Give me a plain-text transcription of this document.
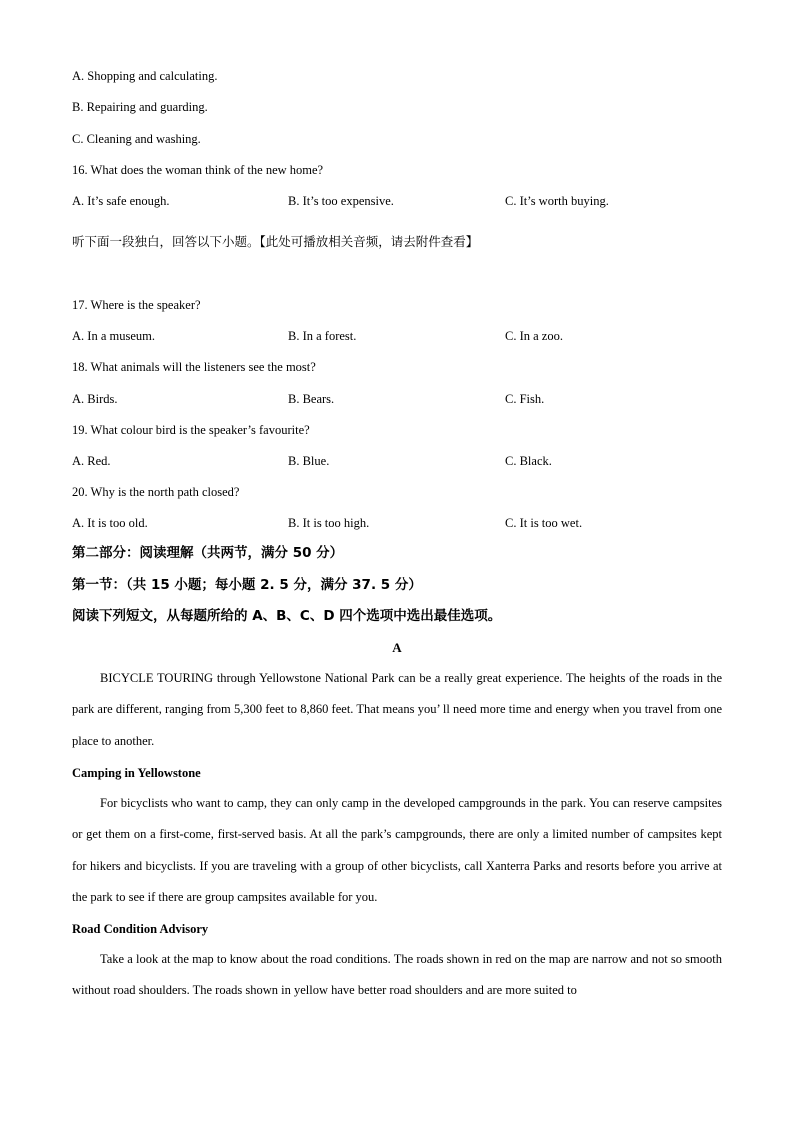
A. Shopping and calculating.
B. Repairing and guarding.
C. Cleaning and washing.
16. What does the woman think of the new home?
A. It’s safe enough.	B. It’s too expensive.	C. It’s worth buying.
听下面一段独白，回答以下小题。【此处可播放相关音频，请去附件查看】
17. Where is the speaker?
A. In a museum.	B. In a forest.	C. In a zoo.
18. What animals will the listeners see the most?
A. Birds.	B. Bears.	C. Fish.
19. What colour bird is the speaker’s favourite?
A. Red.	B. Blue.	C. Black.
20. Why is the north path closed?
A. It is too old.	B. It is too high.	C. It is too wet.
第二部分：阅读理解（共两节，满分 50 分）
第一节：（共 15 小题；每小题 2. 5 分，满分 37. 5 分）
阅读下列短文，从每题所给的 A、B、C、D 四个选项中选出最佳选项。
A

BICYCLE TOURING through Yellowstone National Park can be a really great experience. The heights of the roads in the park are different, ranging from 5,300 feet to 8,860 feet. That means you’ ll need more time and energy when you travel from one place to another.

Camping in Yellowstone

For bicyclists who want to camp, they can only camp in the developed campgrounds in the park. You can reserve campsites or get them on a first-come, first-served basis. At all the park’s campgrounds, there are only a limited number of campsites kept for hikers and bicyclists. If you are traveling with a group of other bicyclists, call Xanterra Parks and resorts before you arrive at the park to see if there are group campsites available for you.

Road Condition Advisory

Take a look at the map to know about the road conditions. The roads shown in red on the map are narrow and not so smooth without road shoulders. The roads shown in yellow have better road shoulders and are more suited to
